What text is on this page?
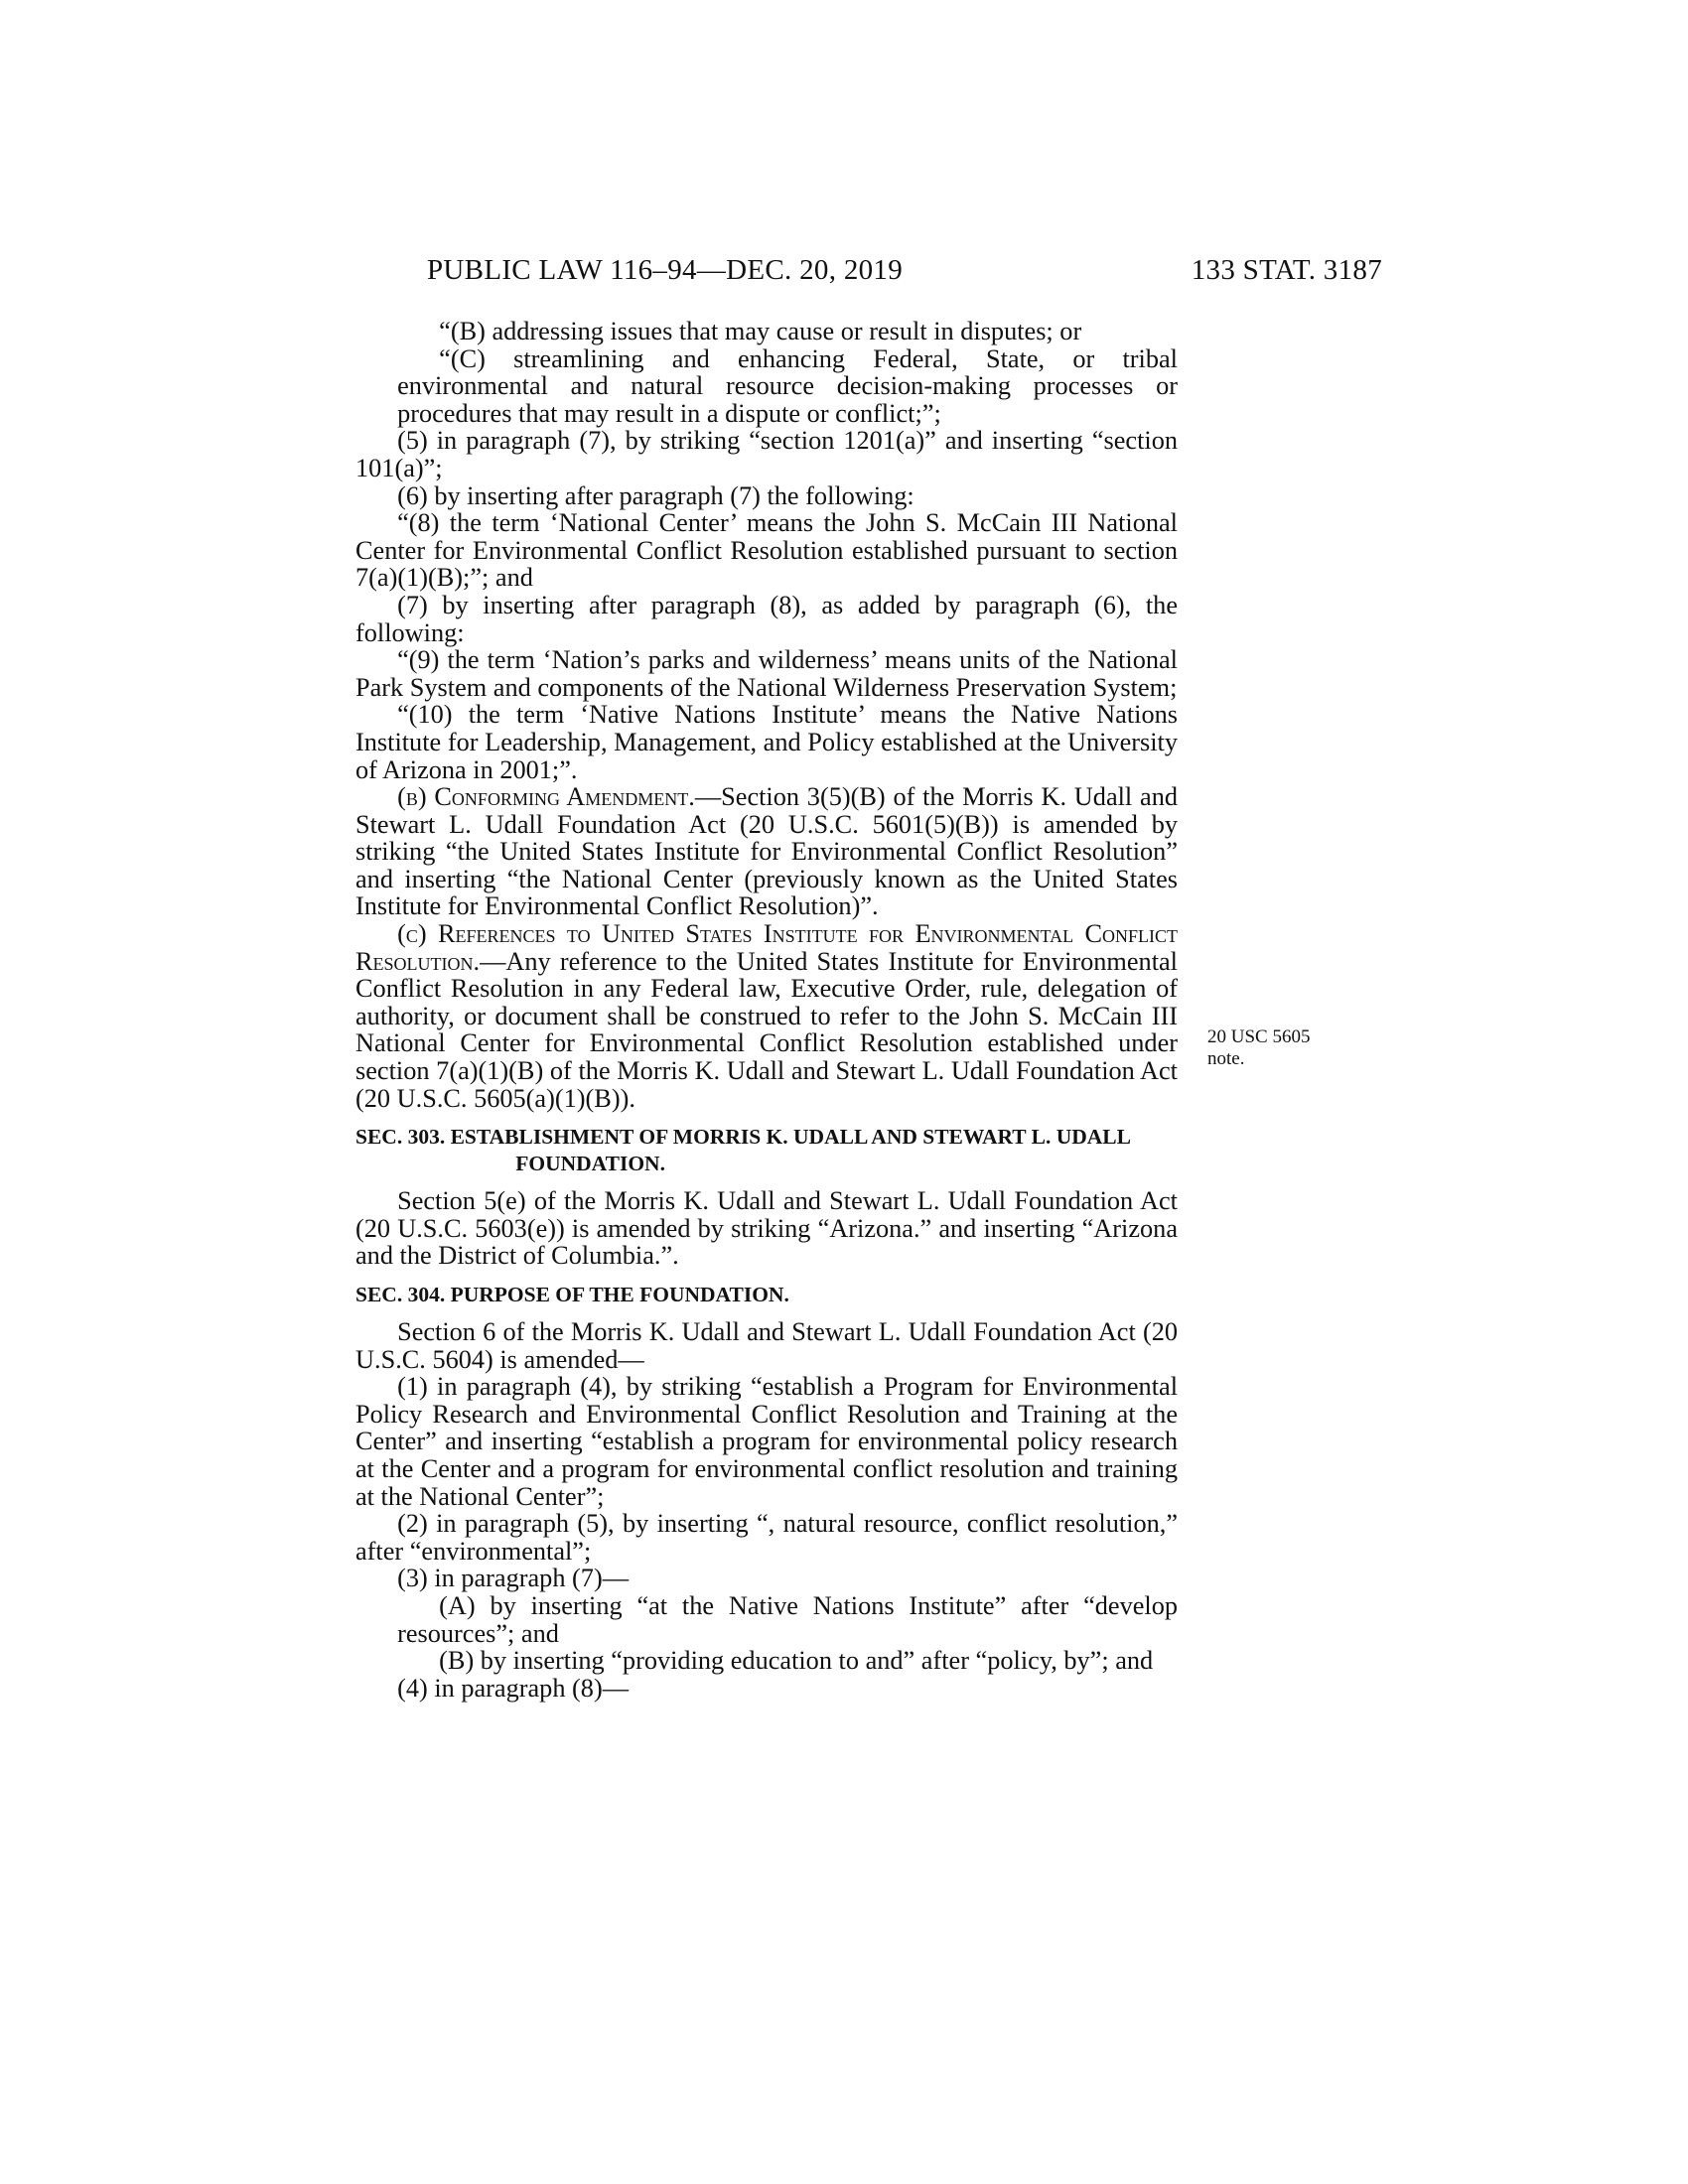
PUBLIC LAW 116–94—DEC. 20, 2019	133 STAT. 3187

“(B) addressing issues that may cause or result in disputes; or

“(C) streamlining and enhancing Federal, State, or tribal environmental and natural resource decision-making processes or procedures that may result in a dispute or conflict;”;

(5) in paragraph (7), by striking “section 1201(a)” and inserting “section 101(a)”;

(6) by inserting after paragraph (7) the following:

“(8) the term ‘National Center’ means the John S. McCain III National Center for Environmental Conflict Resolution established pursuant to section 7(a)(1)(B);”; and

(7) by inserting after paragraph (8), as added by paragraph (6), the following:

“(9) the term ‘Nation’s parks and wilderness’ means units of the National Park System and components of the National Wilderness Preservation System;

“(10) the term ‘Native Nations Institute’ means the Native Nations Institute for Leadership, Management, and Policy established at the University of Arizona in 2001;”.

(b) Conforming Amendment.—Section 3(5)(B) of the Morris K. Udall and Stewart L. Udall Foundation Act (20 U.S.C. 5601(5)(B)) is amended by striking “the United States Institute for Environmental Conflict Resolution” and inserting “the National Center (previously known as the United States Institute for Environmental Conflict Resolution)”.

(c) References to United States Institute for Environmental Conflict Resolution.—Any reference to the United States Institute for Environmental Conflict Resolution in any Federal law, Executive Order, rule, delegation of authority, or document shall be construed to refer to the John S. McCain III National Center for Environmental Conflict Resolution established under section 7(a)(1)(B) of the Morris K. Udall and Stewart L. Udall Foundation Act (20 U.S.C. 5605(a)(1)(B)).

SEC. 303. ESTABLISHMENT OF MORRIS K. UDALL AND STEWART L. UDALL FOUNDATION.

Section 5(e) of the Morris K. Udall and Stewart L. Udall Foundation Act (20 U.S.C. 5603(e)) is amended by striking “Arizona.” and inserting “Arizona and the District of Columbia.”.

SEC. 304. PURPOSE OF THE FOUNDATION.

Section 6 of the Morris K. Udall and Stewart L. Udall Foundation Act (20 U.S.C. 5604) is amended—

(1) in paragraph (4), by striking “establish a Program for Environmental Policy Research and Environmental Conflict Resolution and Training at the Center” and inserting “establish a program for environmental policy research at the Center and a program for environmental conflict resolution and training at the National Center”;

(2) in paragraph (5), by inserting “, natural resource, conflict resolution,” after “environmental”;

(3) in paragraph (7)—

(A) by inserting “at the Native Nations Institute” after “develop resources”; and

(B) by inserting “providing education to and” after “policy, by”; and

(4) in paragraph (8)—

20 USC 5605
note.
